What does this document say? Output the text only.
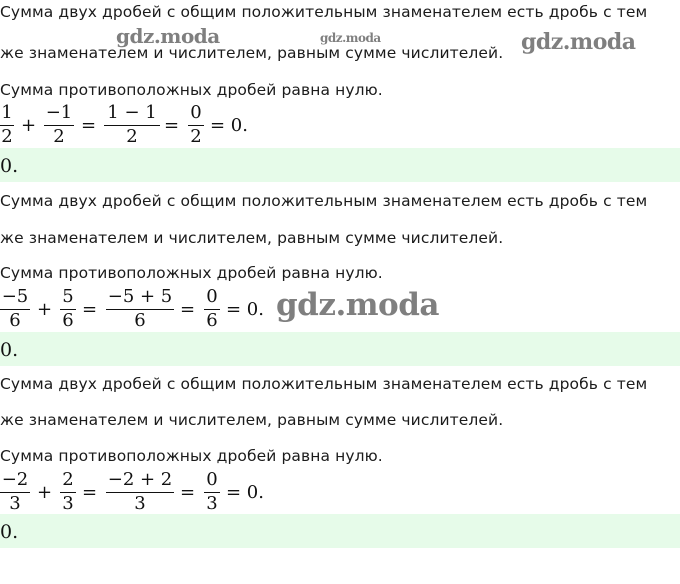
Сумма двух дробей с общим положительным знаменателем есть дробь с тем
же знаменателем и числителем, равным сумме числителей.
Сумма противоположных дробей равна нулю.
1
2
+
−1
2
=
1 − 1
2
=
0
2
= 0.
0.
Сумма двух дробей с общим положительным знаменателем есть дробь с тем
же знаменателем и числителем, равным сумме числителей.
Сумма противоположных дробей равна нулю.
−5
6
+
5
6
=
−5 + 5
6
=
0
6
= 0.
0.
Сумма двух дробей с общим положительным знаменателем есть дробь с тем
же знаменателем и числителем, равным сумме числителей.
Сумма противоположных дробей равна нулю.
−2
3
+
2
3
=
−2 + 2
3
=
0
3
= 0.
0.
gdz.moda	gdz.moda	gdz.moda
gdz.moda
